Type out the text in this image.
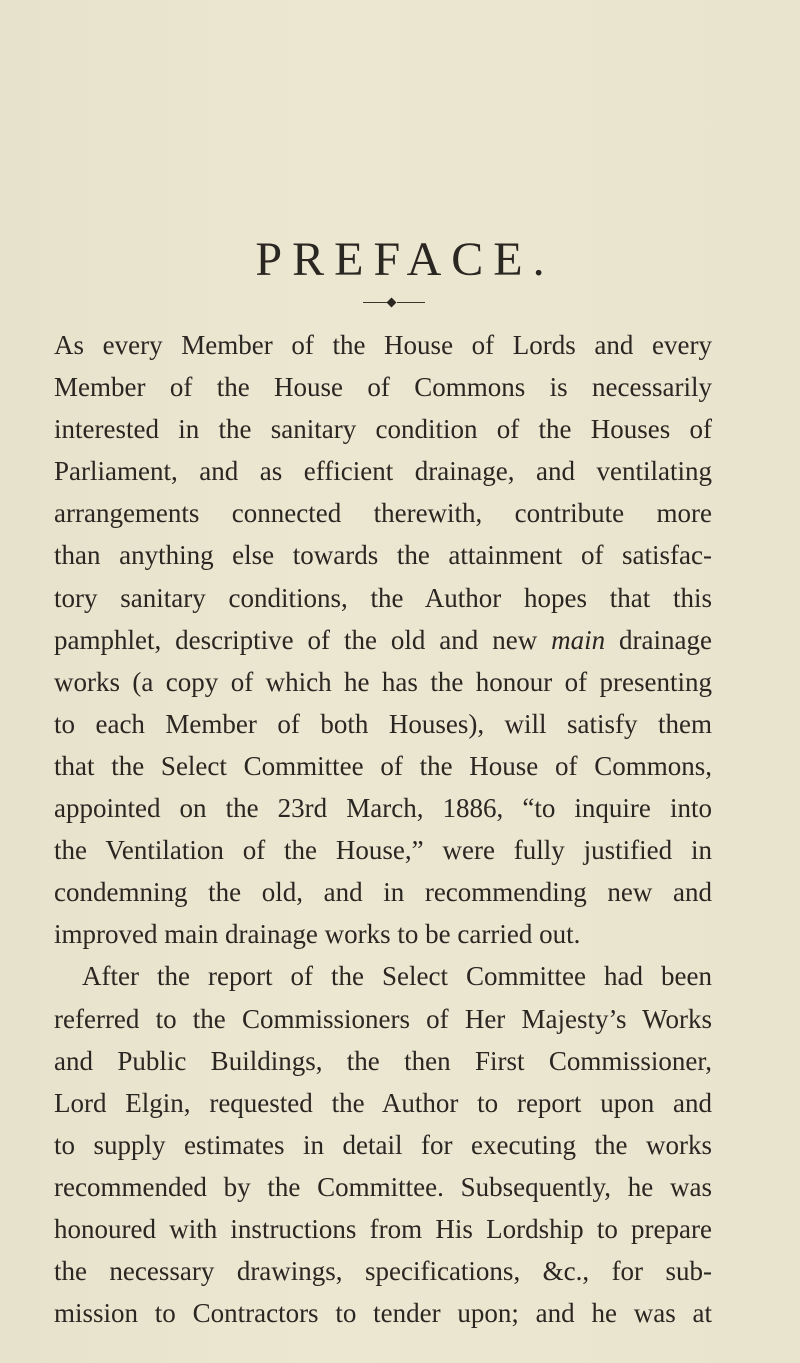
PREFACE.
As every Member of the House of Lords and every
Member of the House of Commons is necessarily
interested in the sanitary condition of the Houses of
Parliament, and as efficient drainage, and ventilating
arrangements connected therewith, contribute more
than anything else towards the attainment of satisfac-
tory sanitary conditions, the Author hopes that this
pamphlet, descriptive of the old and new main drainage
works (a copy of which he has the honour of presenting
to each Member of both Houses), will satisfy them
that the Select Committee of the House of Commons,
appointed on the 23rd March, 1886, “to inquire into
the Ventilation of the House,” were fully justified in
condemning the old, and in recommending new and
improved main drainage works to be carried out.
After the report of the Select Committee had been
referred to the Commissioners of Her Majesty’s Works
and Public Buildings, the then First Commissioner,
Lord Elgin, requested the Author to report upon and
to supply estimates in detail for executing the works
recommended by the Committee. Subsequently, he was
honoured with instructions from His Lordship to prepare
the necessary drawings, specifications, &c., for sub-
mission to Contractors to tender upon; and he was at
